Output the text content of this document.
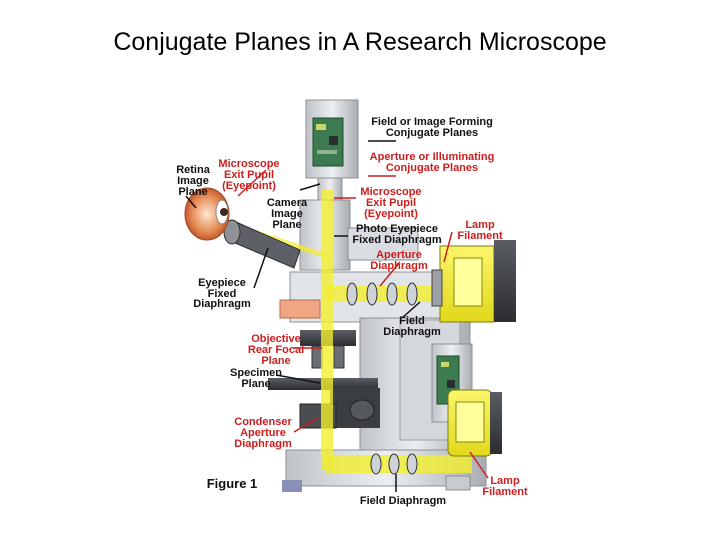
Conjugate Planes in A Research Microscope
Field or Image Forming
Conjugate Planes
Aperture or Illuminating
Conjugate Planes
Retina
Image
Plane
Microscope
Exit Pupil
(Eyepoint)
Camera
Image
Plane
Microscope
Exit Pupil
(Eyepoint)
Photo Eyepiece
Fixed Diaphragm
Lamp
Filament
Aperture
Diaphragm
Eyepiece
Fixed
Diaphragm
Field
Diaphragm
Objective
Rear Focal
Plane
Specimen
Plane
Condenser
Aperture
Diaphragm
Lamp
Filament
Field Diaphragm
Figure 1
